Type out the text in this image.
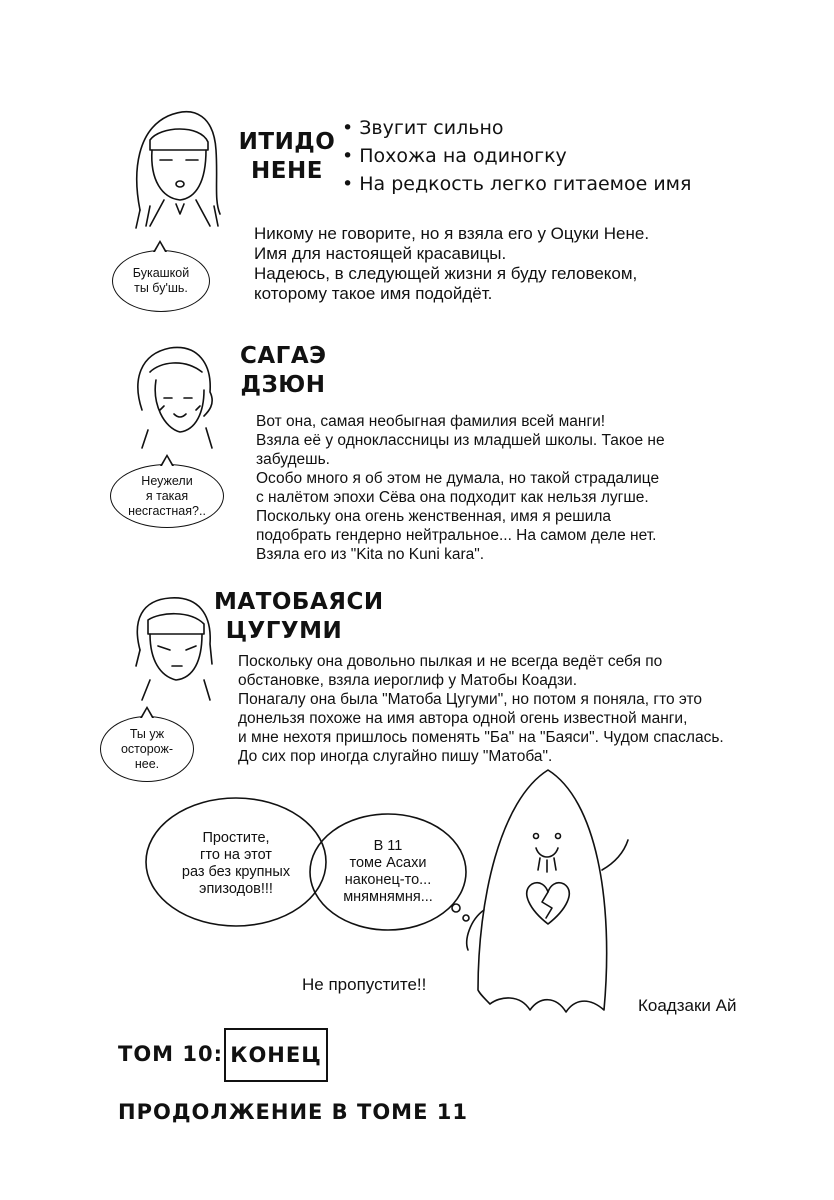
ИТИДО
НЕНЕ
• Звугит сильно
• Похожа на одиногку
• На редкость легко гитаемое имя
Никому не говорите, но я взяла его у Оцуки Нене.
Имя для настоящей красавицы.
Надеюсь, в следующей жизни я буду геловеком,
которому такое имя подойдёт.
Букашкой
ты бу'шь.
САГАЭ
ДЗЮН
Вот она, самая необыгная фамилия всей манги!
Взяла её у одноклассницы из младшей школы. Такое не
забудешь.
Особо много я об этом не думала, но такой страдалице
с налётом эпохи Сёва она подходит как нельзя лугше.
Поскольку она огень женственная, имя я решила
подобрать гендерно нейтральное... На самом деле нет.
Взяла его из "Kita no Kuni kara".
Неужели
я такая
несгастная?..
МАТОБАЯСИ
ЦУГУМИ
Поскольку она довольно пылкая и не всегда ведёт себя по
обстановке, взяла иероглиф у Матобы Коадзи.
Понагалу она была "Матоба Цугуми", но потом я поняла, гто это
донельзя похоже на имя автора одной огень известной манги,
и мне нехотя пришлось поменять "Ба" на "Баяси". Чудом спаслась.
До сих пор иногда слугайно пишу "Матоба".
Ты уж
осторож-
нее.
Простите,
гто на этот
раз без крупных
эпизодов!!!
В 11
томе Асахи
наконец-то...
мнямнямня...
Не пропустите!!
Коадзаки Ай
ТОМ 10: КОНЕЦ
ПРОДОЛЖЕНИЕ В ТОМЕ 11
